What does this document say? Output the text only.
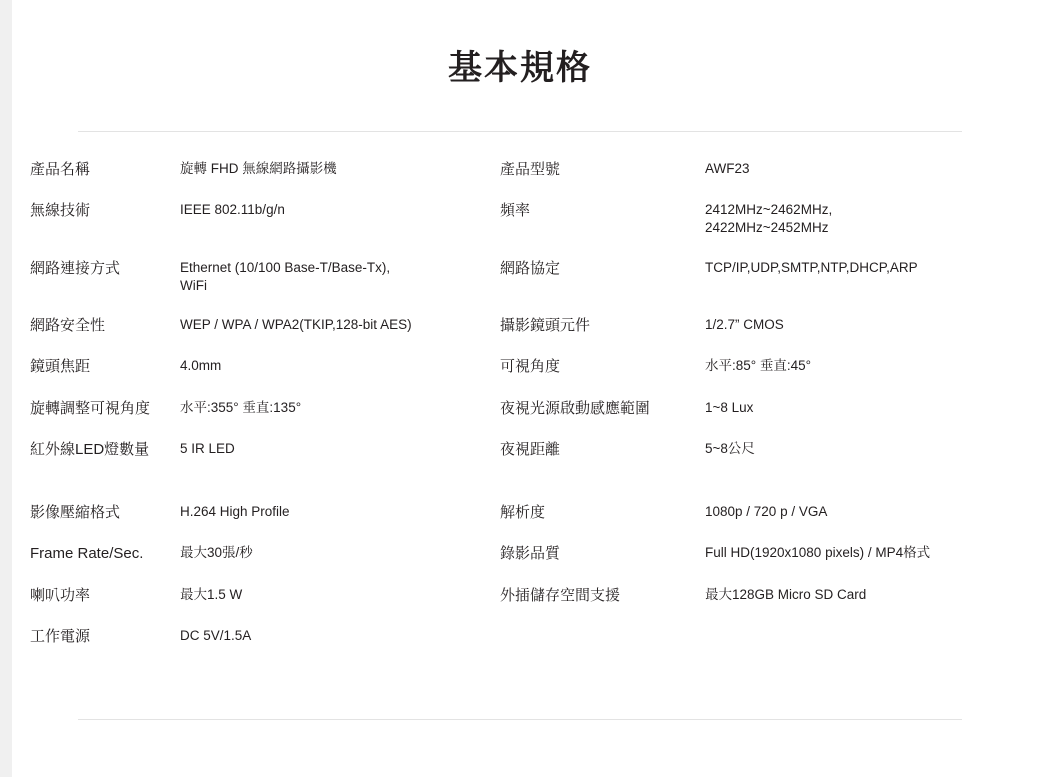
基本規格
產品名稱	旋轉 FHD 無線網路攝影機	產品型號	AWF23
無線技術	IEEE 802.11b/g/n	頻率	2412MHz~2462MHz,
2422MHz~2452MHz
網路連接方式	Ethernet (10/100 Base-T/Base-Tx),
WiFi	網路協定	TCP/IP,UDP,SMTP,NTP,DHCP,ARP
網路安全性	WEP / WPA / WPA2(TKIP,128-bit AES)	攝影鏡頭元件	1/2.7” CMOS
鏡頭焦距	4.0mm	可視角度	水平:85° 垂直:45°
旋轉調整可視角度	水平:355° 垂直:135°	夜視光源啟動感應範圍	1~8 Lux
紅外線LED燈數量	5 IR LED	夜視距離	5~8公尺

影像壓縮格式	H.264 High Profile	解析度	1080p / 720 p / VGA
Frame Rate/Sec.	最大30張/秒	錄影品質	Full HD(1920x1080 pixels) / MP4格式
喇叭功率	最大1.5 W	外插儲存空間支援	最大128GB Micro SD Card
工作電源	DC 5V/1.5A		
